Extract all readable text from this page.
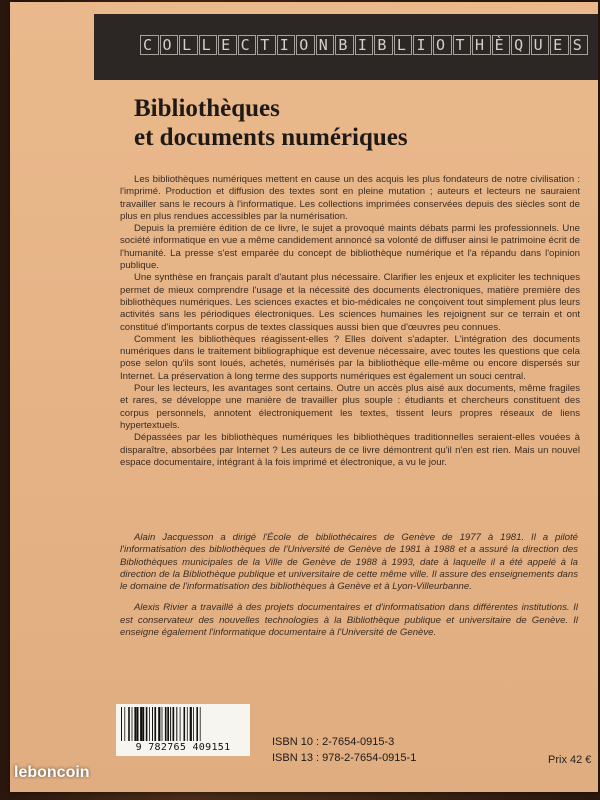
C O L L E C T I O N B I B L I O T H È Q U E S
Bibliothèques
et documents numériques

Les bibliothèques numériques mettent en cause un des acquis les plus fondateurs de notre civilisation : l'imprimé. Production et diffusion des textes sont en pleine mutation ; auteurs et lecteurs ne sauraient travailler sans le recours à l'informatique. Les collections imprimées conservées depuis des siècles sont de plus en plus rendues accessibles par la numérisation.

Depuis la première édition de ce livre, le sujet a provoqué maints débats parmi les professionnels. Une société informatique en vue a même candidement annoncé sa volonté de diffuser ainsi le patrimoine écrit de l'humanité. La presse s'est emparée du concept de bibliothèque numérique et l'a répandu dans l'opinion publique.

Une synthèse en français paraît d'autant plus nécessaire. Clarifier les enjeux et expliciter les techniques permet de mieux comprendre l'usage et la nécessité des documents électroniques, matière première des bibliothèques numériques. Les sciences exactes et bio-médicales ne conçoivent tout simplement plus leurs activités sans les périodiques électroniques. Les sciences humaines les rejoignent sur ce terrain et ont constitué d'importants corpus de textes classiques aussi bien que d'œuvres peu connues.

Comment les bibliothèques réagissent-elles ? Elles doivent s'adapter. L'intégration des documents numériques dans le traitement bibliographique est devenue nécessaire, avec toutes les questions que cela pose selon qu'ils sont loués, achetés, numérisés par la bibliothèque elle-même ou encore dispersés sur Internet. La préservation à long terme des supports numériques est également un souci central.

Pour les lecteurs, les avantages sont certains. Outre un accès plus aisé aux documents, même fragiles et rares, se développe une manière de travailler plus souple : étudiants et chercheurs constituent des corpus personnels, annotent électroniquement les textes, tissent leurs propres réseaux de liens hypertextuels.

Dépassées par les bibliothèques numériques les bibliothèques traditionnelles seraient-elles vouées à disparaître, absorbées par Internet ? Les auteurs de ce livre démontrent qu'il n'en est rien. Mais un nouvel espace documentaire, intégrant à la fois imprimé et électronique, a vu le jour.

Alain Jacquesson a dirigé l'École de bibliothécaires de Genève de 1977 à 1981. Il a piloté l'informatisation des bibliothèques de l'Université de Genève de 1981 à 1988 et a assuré la direction des Bibliothèques municipales de la Ville de Genève de 1988 à 1993, date à laquelle il a été appelé à la direction de la Bibliothèque publique et universitaire de cette même ville. Il assure des enseignements dans le domaine de l'informatisation des bibliothèques à Genève et à Lyon-Villeurbanne.

Alexis Rivier a travaillé à des projets documentaires et d'informatisation dans différentes institutions. Il est conservateur des nouvelles technologies à la Bibliothèque publique et universitaire de Genève. Il enseigne également l'informatique documentaire à l'Université de Genève.

9 782765 409151	ISBN 10 : 2-7654-0915-3
ISBN 13 : 978-2-7654-0915-1	Prix 42 €
leboncoin
